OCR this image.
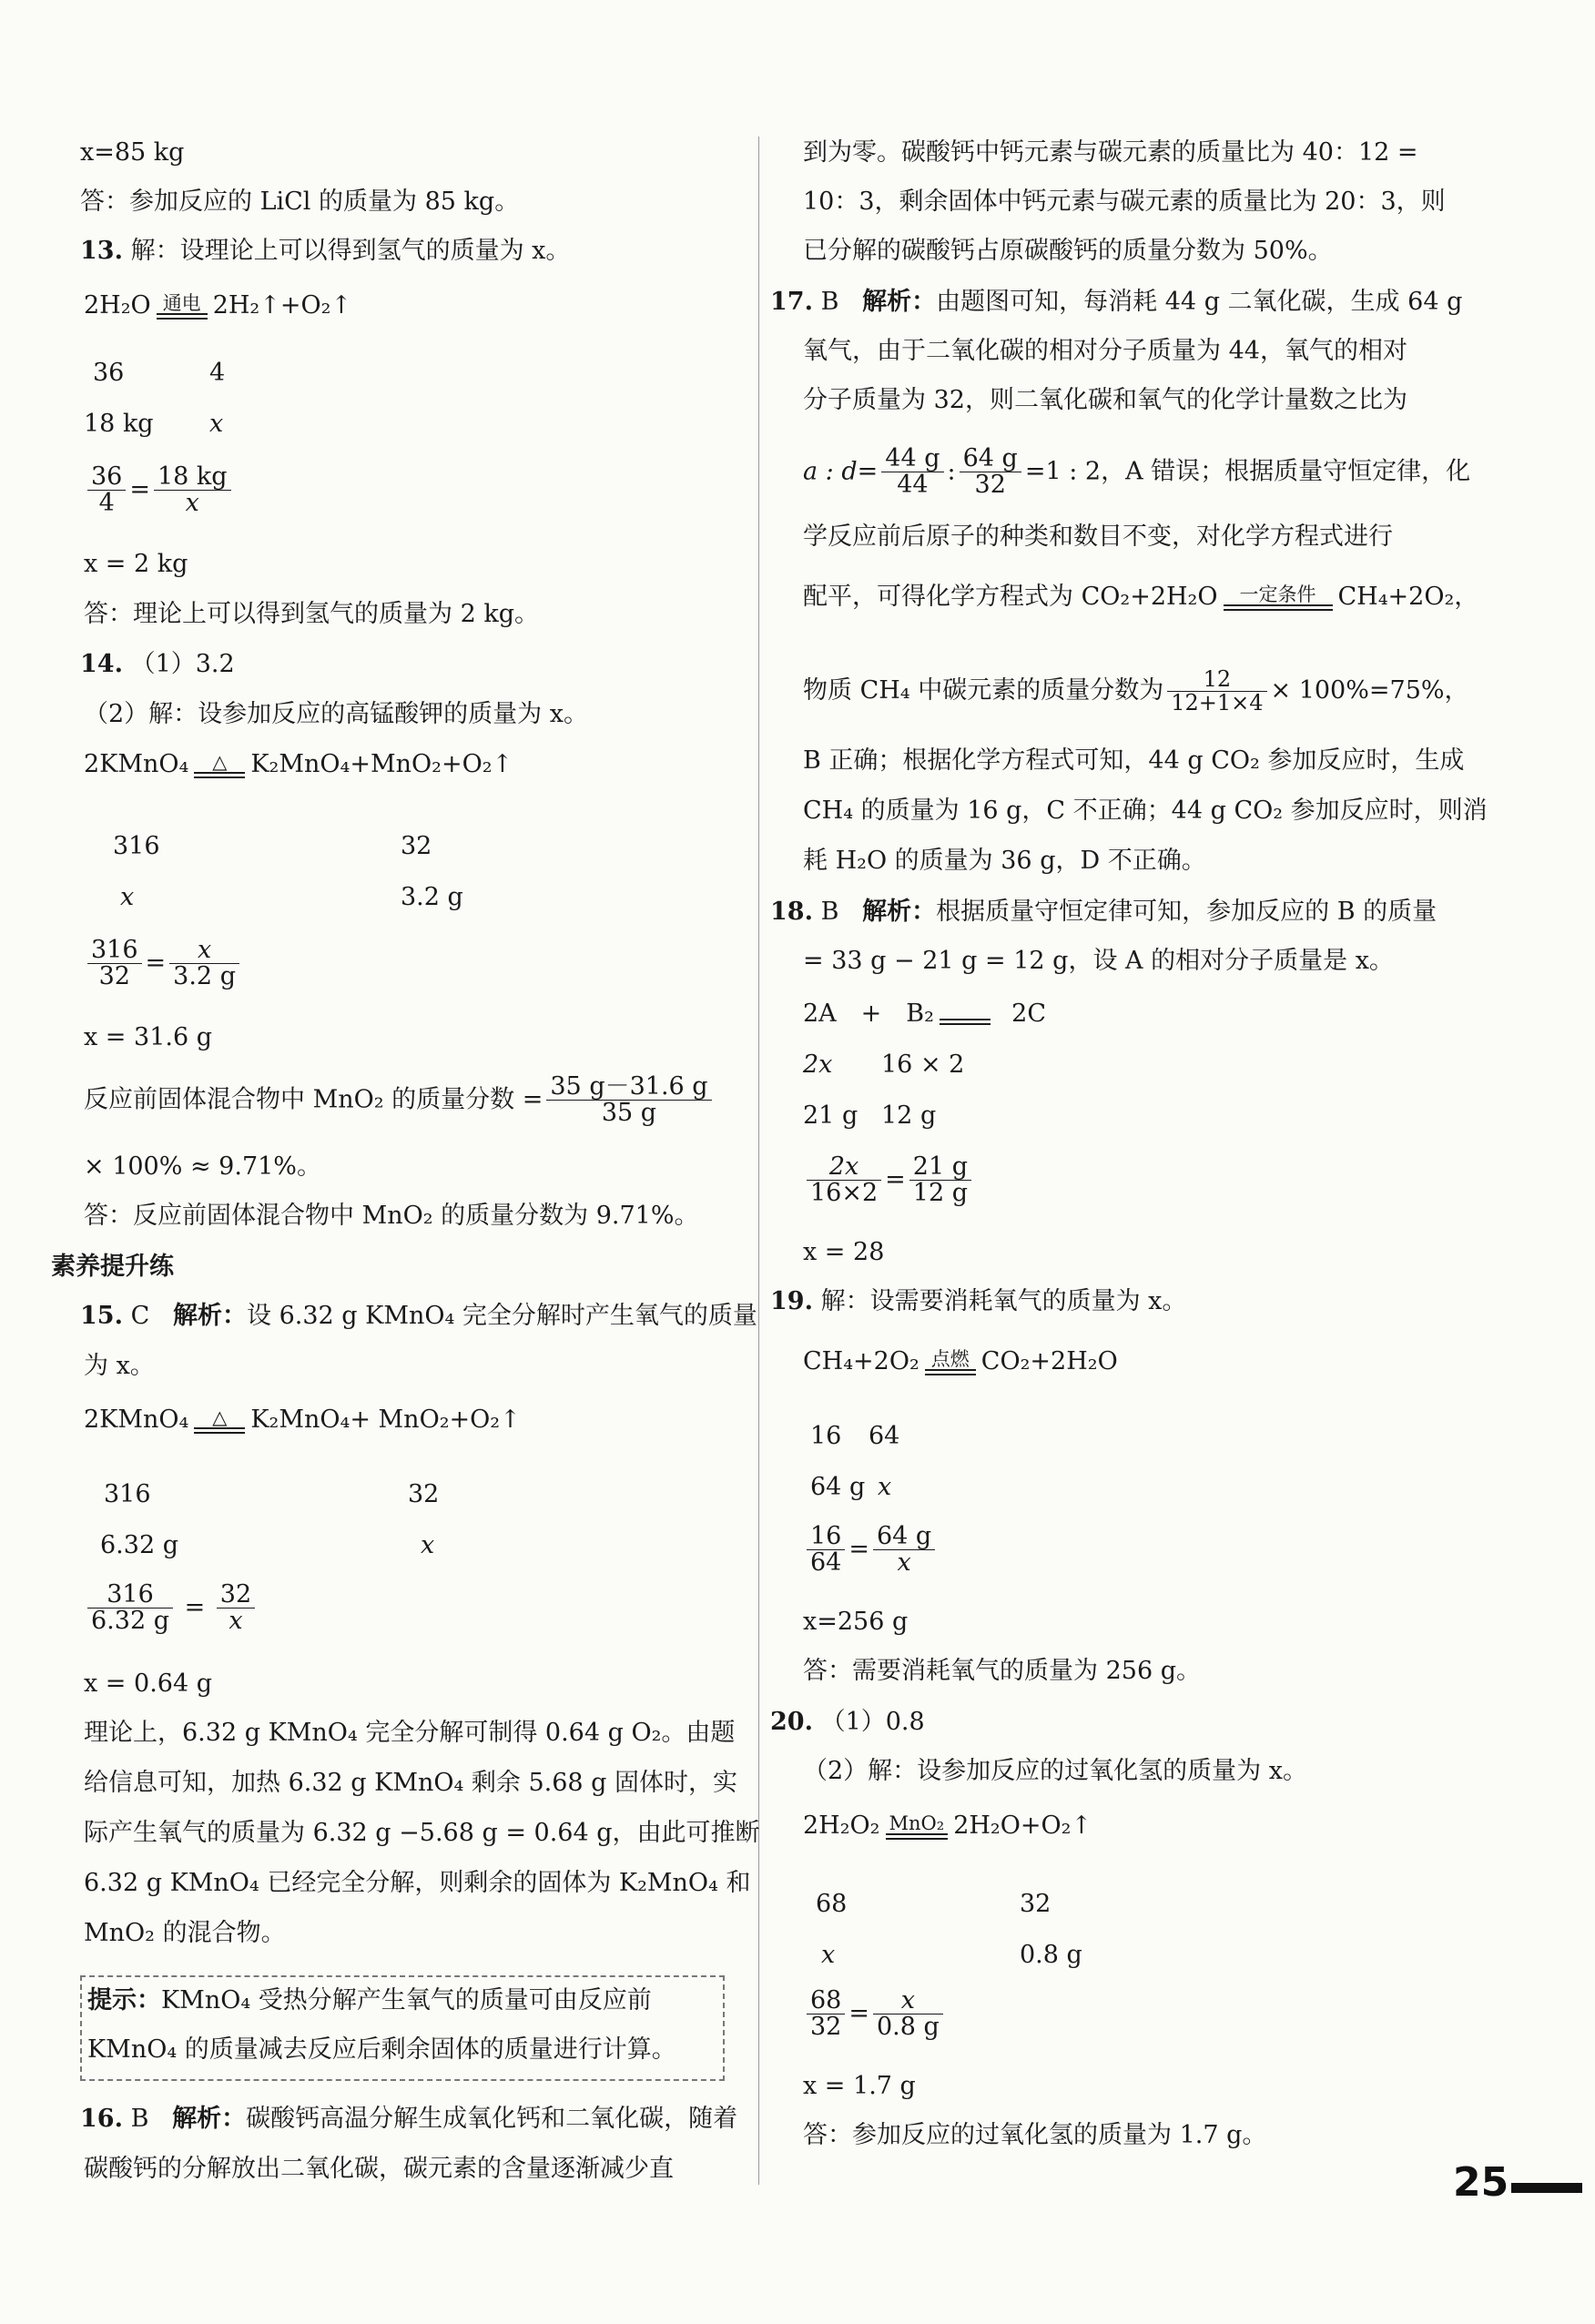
x=85 kg
答：参加反应的 LiCl 的质量为 85 kg。
13. 解：设理论上可以得到氢气的质量为 x。
2H₂O 通电 2H₂↑+O₂↑
36	4
18 kg x
$\frac{36}{4} = \frac{18 kg}{x}$
x = 2 kg
答：理论上可以得到氢气的质量为 2 kg。
14. （1）3.2
（2）解：设参加反应的高锰酸钾的质量为 x。
2KMnO₄	△ K₂MnO₄+MnO₂+O₂↑
316	32
x	3.2 g
$\frac{316}{32} = \frac{x}{3.2 g}$
x = 31.6 g
反应前固体混合物中 MnO₂ 的质量分数 = $\frac{35 g-31.6 g}{35 g}$
× 100% ≈ 9.71%。
答：反应前固体混合物中 MnO₂ 的质量分数为 9.71%。
素养提升练
15. C 解析：设 6.32 g KMnO₄ 完全分解时产生氧气的质量
为 x。
2KMnO₄	△ K₂MnO₄+ MnO₂+O₂↑
316	32
6.32 g	x
$\frac{316}{6.32 g} = \frac{32}{x}$
x = 0.64 g
理论上，6.32 g KMnO₄ 完全分解可制得 0.64 g O₂。由题
给信息可知，加热 6.32 g KMnO₄ 剩余 5.68 g 固体时，实
际产生氧气的质量为 6.32 g −5.68 g = 0.64 g，由此可推断
6.32 g KMnO₄ 已经完全分解，则剩余的固体为 K₂MnO₄ 和
MnO₂ 的混合物。
提示：KMnO₄ 受热分解产生氧气的质量可由反应前
KMnO₄ 的质量减去反应后剩余固体的质量进行计算。
16. B 解析：碳酸钙高温分解生成氧化钙和二氧化碳，随着
碳酸钙的分解放出二氧化碳，碳元素的含量逐渐减少直
到为零。碳酸钙中钙元素与碳元素的质量比为 40：12 =
10：3，剩余固体中钙元素与碳元素的质量比为 20：3，则
已分解的碳酸钙占原碳酸钙的质量分数为 50%。
17. B 解析：由题图可知，每消耗 44 g 二氧化碳，生成 64 g
氧气，由于二氧化碳的相对分子质量为 44，氧气的相对
分子质量为 32，则二氧化碳和氧气的化学计量数之比为
a : $d= \frac{44 g}{44}$ : $\frac{64 g}{32} =1$ : 2，A 错误；根据质量守恒定律，化
学反应前后原子的种类和数目不变，对化学方程式进行
配平，可得化学方程式为 CO₂+2H₂O	一定条件 CH₄+2O₂，
物质 CH₄ 中碳元素的质量分数为 $\frac{12}{12+1\times 4} \times 100\%=75\%$，
B 正确；根据化学方程式可知，44 g CO₂ 参加反应时，生成
CH₄ 的质量为 16 g，C 不正确；44 g CO₂ 参加反应时，则消
耗 H₂O 的质量为 36 g，D 不正确。
18. B 解析：根据质量守恒定律可知，参加反应的 B 的质量
= 33 g − 21 g = 12 g，设 A 的相对分子质量是 x。
2A　+　B₂	2C
2x 16 × 2
21 g 12 g
$\frac{2x}{16\times 2} = \frac{21 g}{12 g}$
x = 28
19. 解：设需要消耗氧气的质量为 x。
CH₄+2O₂ 点燃 CO₂+2H₂O
16 64
64 g x
$\frac{16}{64} = \frac{64 g}{x}$
x=256 g
答：需要消耗氧气的质量为 256 g。
20. （1）0.8
（2）解：设参加反应的过氧化氢的质量为 x。
2H₂O₂ MnO₂ 2H₂O+O₂↑
68	32
x	0.8 g
$\frac{68}{32} = \frac{x}{0.8 g}$
x = 1.7 g
答：参加反应的过氧化氢的质量为 1.7 g。
25
